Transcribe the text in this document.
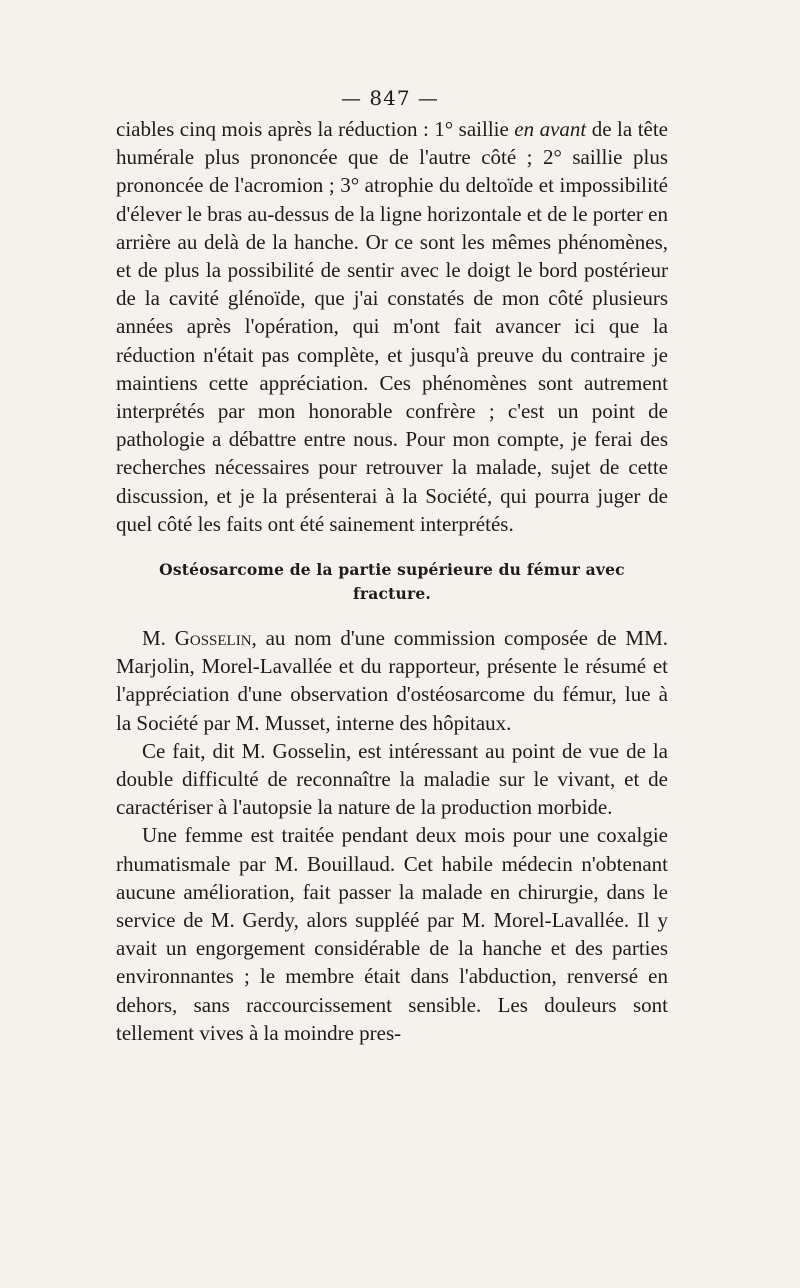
— 847 —

ciables cinq mois après la réduction : 1° saillie en avant de la tête humérale plus prononcée que de l'autre côté ; 2° saillie plus prononcée de l'acromion ; 3° atrophie du deltoïde et impossibilité d'élever le bras au-dessus de la ligne horizontale et de le porter en arrière au delà de la hanche. Or ce sont les mêmes phénomènes, et de plus la possibilité de sentir avec le doigt le bord postérieur de la cavité glénoïde, que j'ai constatés de mon côté plusieurs années après l'opération, qui m'ont fait avancer ici que la réduction n'était pas complète, et jusqu'à preuve du contraire je maintiens cette appréciation. Ces phénomènes sont autrement interprétés par mon honorable confrère ; c'est un point de pathologie a débattre entre nous. Pour mon compte, je ferai des recherches nécessaires pour retrouver la malade, sujet de cette discussion, et je la présenterai à la Société, qui pourra juger de quel côté les faits ont été sainement interprétés.

Ostéosarcome de la partie supérieure du fémur avec fracture.

M. Gosselin, au nom d'une commission composée de MM. Marjolin, Morel-Lavallée et du rapporteur, présente le résumé et l'appréciation d'une observation d'ostéosarcome du fémur, lue à la Société par M. Musset, interne des hôpitaux.

Ce fait, dit M. Gosselin, est intéressant au point de vue de la double difficulté de reconnaître la maladie sur le vivant, et de caractériser à l'autopsie la nature de la production morbide.

Une femme est traitée pendant deux mois pour une coxalgie rhumatismale par M. Bouillaud. Cet habile médecin n'obtenant aucune amélioration, fait passer la malade en chirurgie, dans le service de M. Gerdy, alors suppléé par M. Morel-Lavallée. Il y avait un engorgement considérable de la hanche et des parties environnantes ; le membre était dans l'abduction, renversé en dehors, sans raccourcissement sensible. Les douleurs sont tellement vives à la moindre pres-
